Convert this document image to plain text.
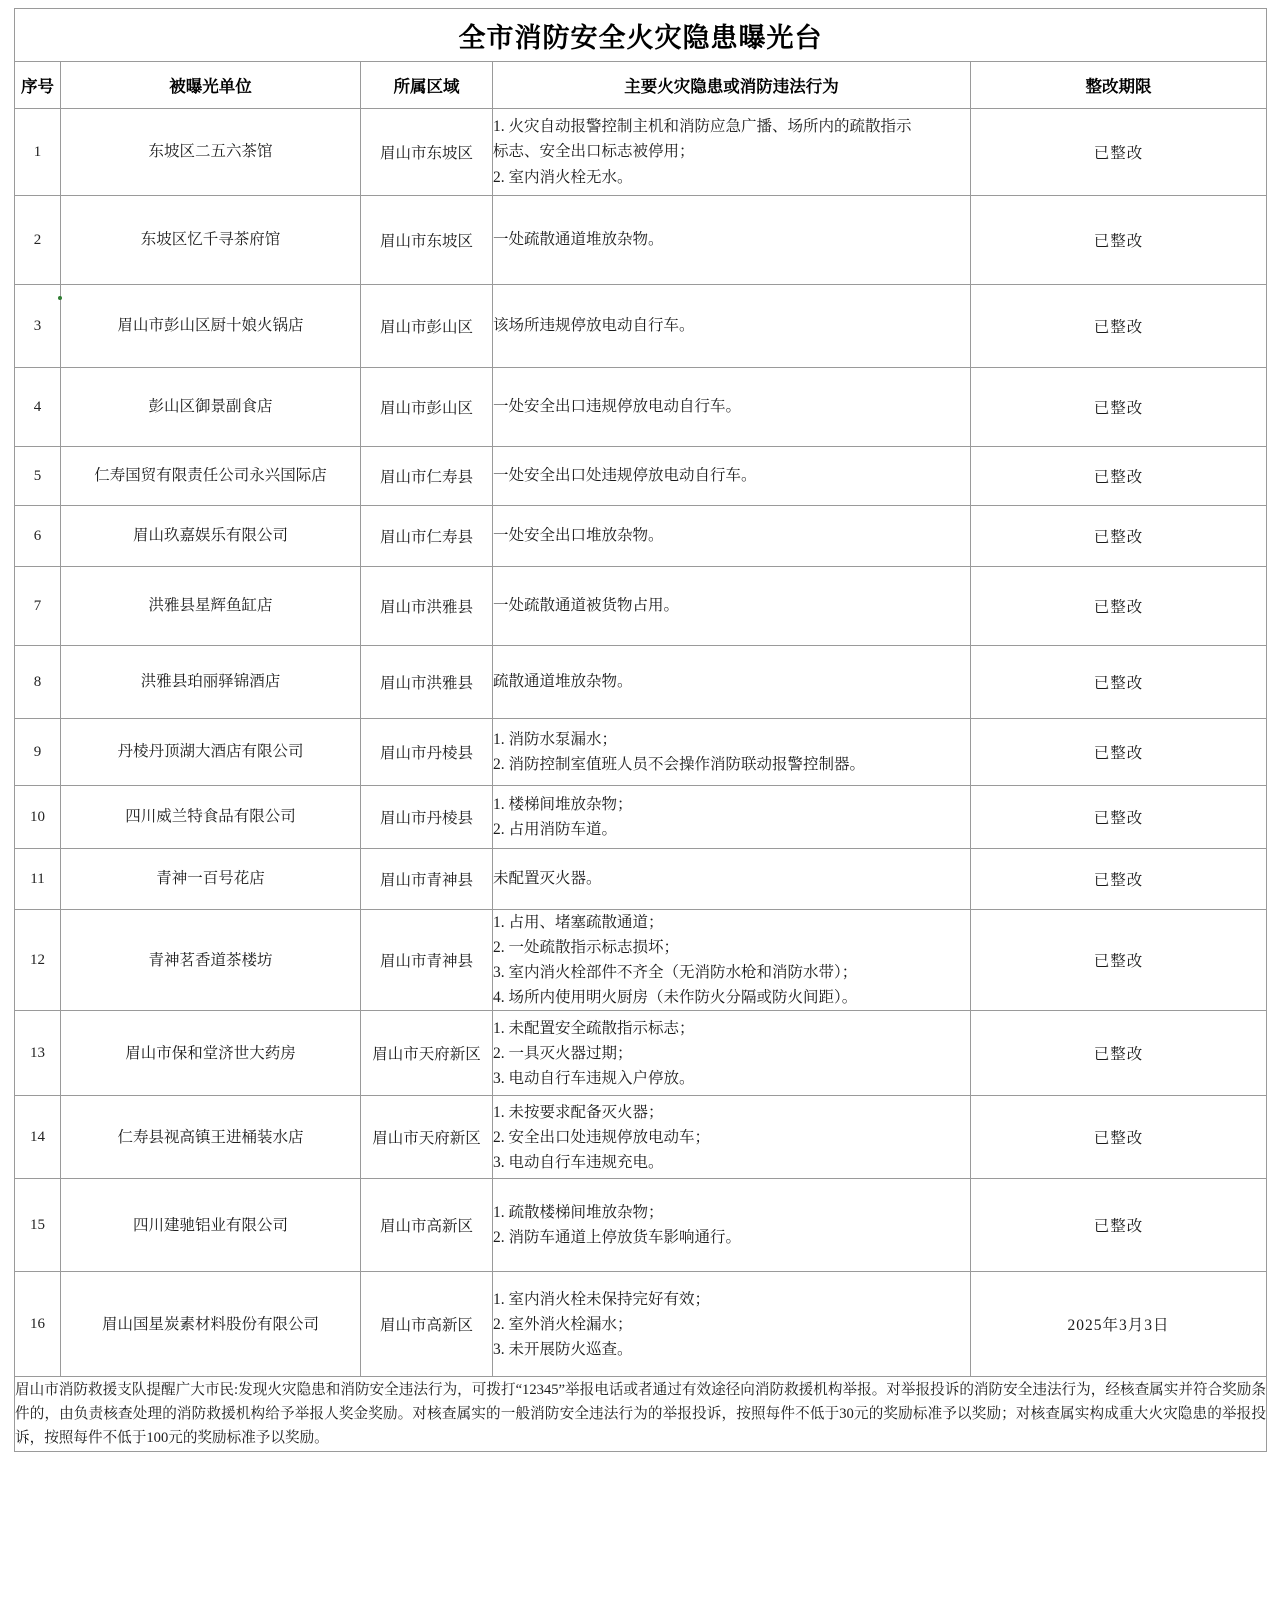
全市消防安全火灾隐患曝光台				
序号	被曝光单位	所属区域	主要火灾隐患或消防违法行为	整改期限
1	东坡区二五六茶馆	眉山市东坡区	1. 火灾自动报警控制主机和消防应急广播、场所内的疏散指示
标志、安全出口标志被停用；
2. 室内消火栓无水。	已整改
2	东坡区忆千寻茶府馆	眉山市东坡区	一处疏散通道堆放杂物。	已整改
3	眉山市彭山区厨十娘火锅店	眉山市彭山区	该场所违规停放电动自行车。	已整改
4	彭山区御景副食店	眉山市彭山区	一处安全出口违规停放电动自行车。	已整改
5	仁寿国贸有限责任公司永兴国际店	眉山市仁寿县	一处安全出口处违规停放电动自行车。	已整改
6	眉山玖嘉娱乐有限公司	眉山市仁寿县	一处安全出口堆放杂物。	已整改
7	洪雅县星辉鱼缸店	眉山市洪雅县	一处疏散通道被货物占用。	已整改
8	洪雅县珀丽驿锦酒店	眉山市洪雅县	疏散通道堆放杂物。	已整改
9	丹棱丹顶湖大酒店有限公司	眉山市丹棱县	1. 消防水泵漏水；
2. 消防控制室值班人员不会操作消防联动报警控制器。	已整改
10	四川威兰特食品有限公司	眉山市丹棱县	1. 楼梯间堆放杂物；
2. 占用消防车道。	已整改
11	青神一百号花店	眉山市青神县	未配置灭火器。	已整改
12	青神茗香道茶楼坊	眉山市青神县	1. 占用、堵塞疏散通道；
2. 一处疏散指示标志损坏；
3. 室内消火栓部件不齐全（无消防水枪和消防水带）；
4. 场所内使用明火厨房（未作防火分隔或防火间距）。	已整改
13	眉山市保和堂济世大药房	眉山市天府新区	1. 未配置安全疏散指示标志；
2. 一具灭火器过期；
3. 电动自行车违规入户停放。	已整改
14	仁寿县视高镇王进桶装水店	眉山市天府新区	1. 未按要求配备灭火器；
2. 安全出口处违规停放电动车；
3. 电动自行车违规充电。	已整改
15	四川建驰铝业有限公司	眉山市高新区	1. 疏散楼梯间堆放杂物；
2. 消防车通道上停放货车影响通行。	已整改
16	眉山国星炭素材料股份有限公司	眉山市高新区	1. 室内消火栓未保持完好有效；
2. 室外消火栓漏水；
3. 未开展防火巡查。	2025年3月3日

眉山市消防救援支队提醒广大市民:发现火灾隐患和消防安全违法行为，可拨打“12345”举报电话或者通过有效途径向消防救援机构举报。对举报投诉的消防安全违法行为，经核查属实并符合奖励条件的，由负责核查处理的消防救援机构给予举报人奖金奖励。对核查属实的一般消防安全违法行为的举报投诉，按照每件不低于30元的奖励标准予以奖励；对核查属实构成重大火灾隐患的举报投诉，按照每件不低于100元的奖励标准予以奖励。				
